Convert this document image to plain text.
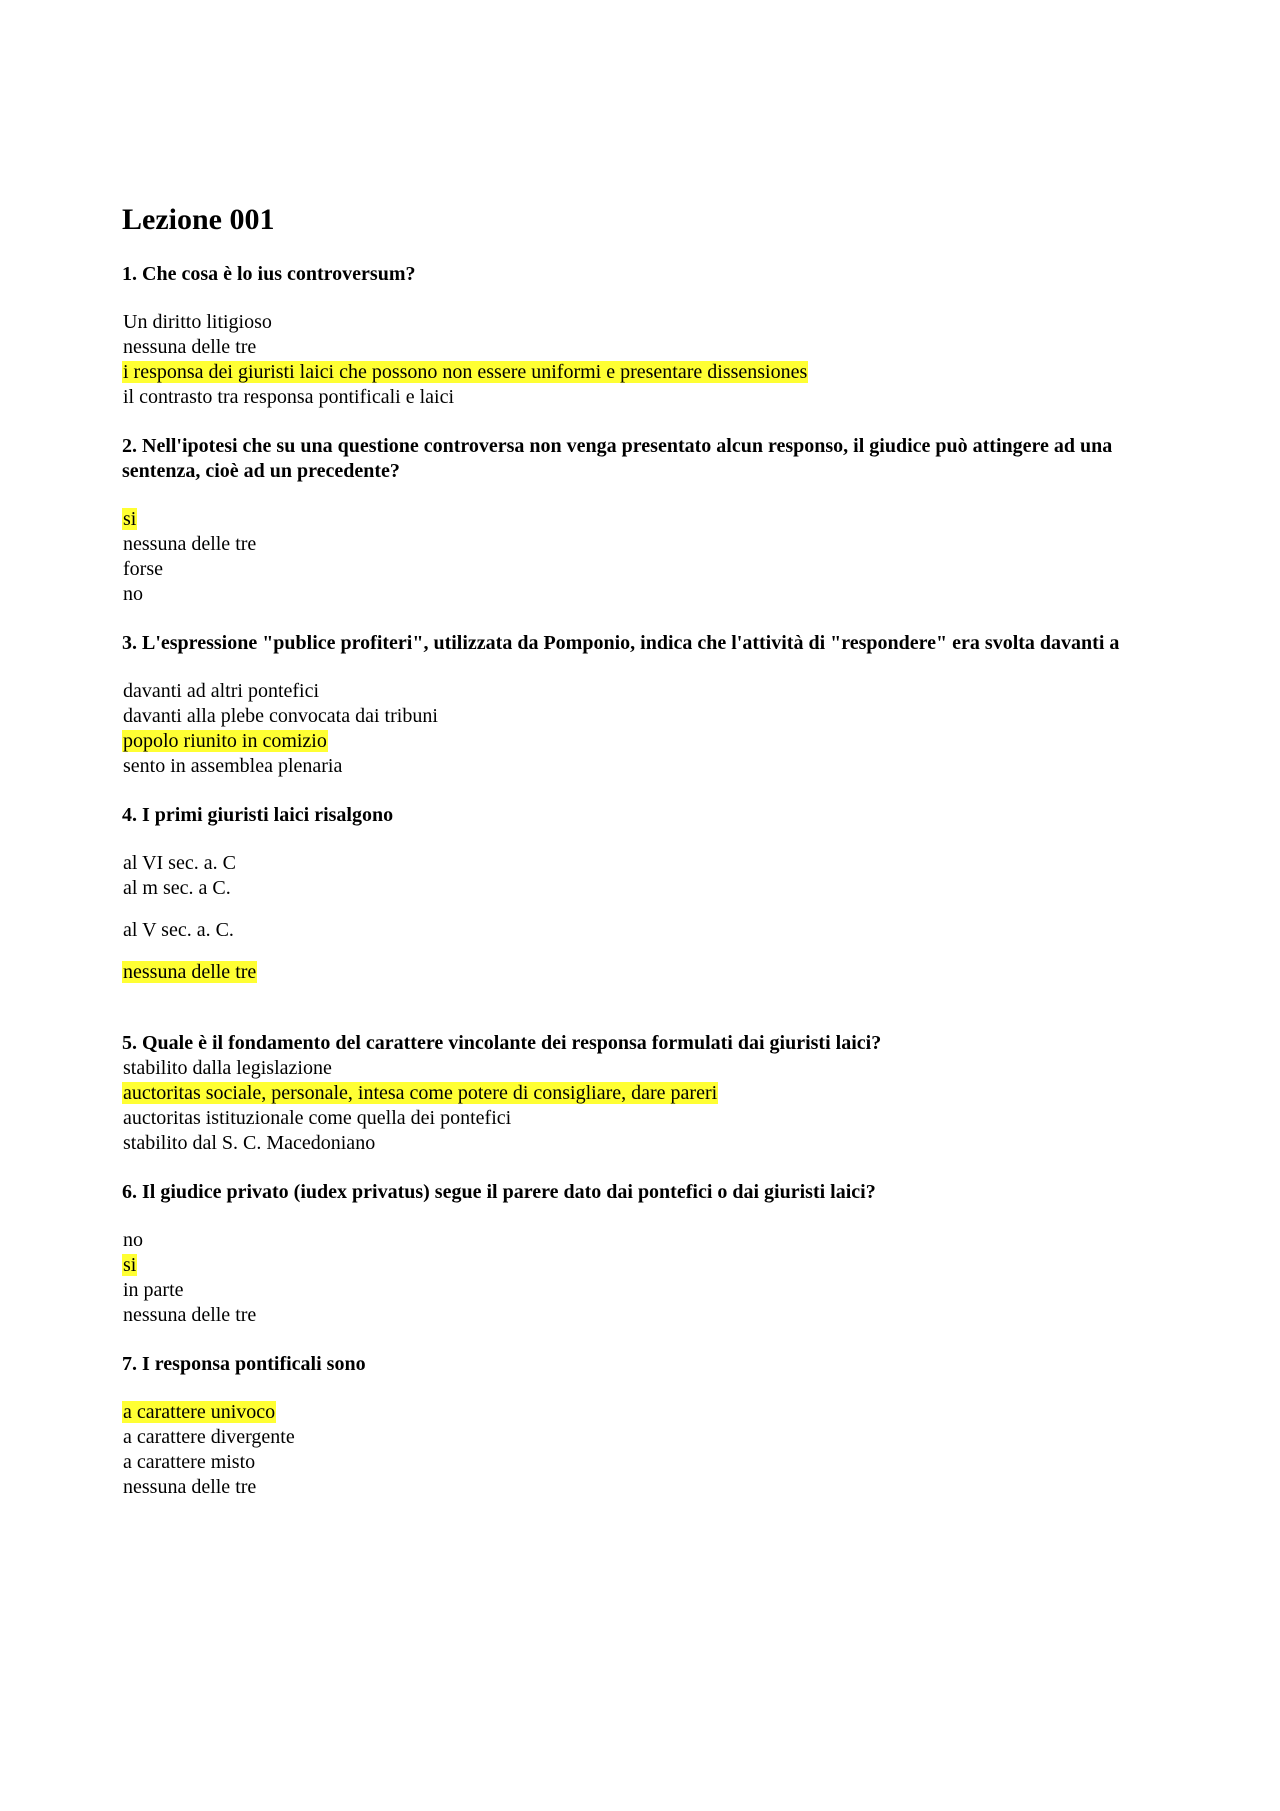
Lezione 001

1. Che cosa è lo ius controversum?

Un diritto litigioso
nessuna delle tre
i responsa dei giuristi laici che possono non essere uniformi e presentare dissensiones
il contrasto tra responsa pontificali e laici

2. Nell'ipotesi che su una questione controversa non venga presentato alcun responso, il giudice può attingere ad una sentenza, cioè ad un precedente?

si
nessuna delle tre
forse
no

3. L'espressione "publice profiteri", utilizzata da Pomponio, indica che l'attività di "respondere" era svolta davanti a

davanti ad altri pontefici
davanti alla plebe convocata dai tribuni
popolo riunito in comizio
sento in assemblea plenaria

4. I primi giuristi laici risalgono

al VI sec. a. C
al m sec. a C.
al V sec. a. C.
nessuna delle tre

5. Quale è il fondamento del carattere vincolante dei responsa formulati dai giuristi laici?

stabilito dalla legislazione
auctoritas sociale, personale, intesa come potere di consigliare, dare pareri
auctoritas istituzionale come quella dei pontefici
stabilito dal S. C. Macedoniano

6. Il giudice privato (iudex privatus) segue il parere dato dai pontefici o dai giuristi laici?

no
si
in parte
nessuna delle tre

7. I responsa pontificali sono

a carattere univoco
a carattere divergente
a carattere misto
nessuna delle tre
